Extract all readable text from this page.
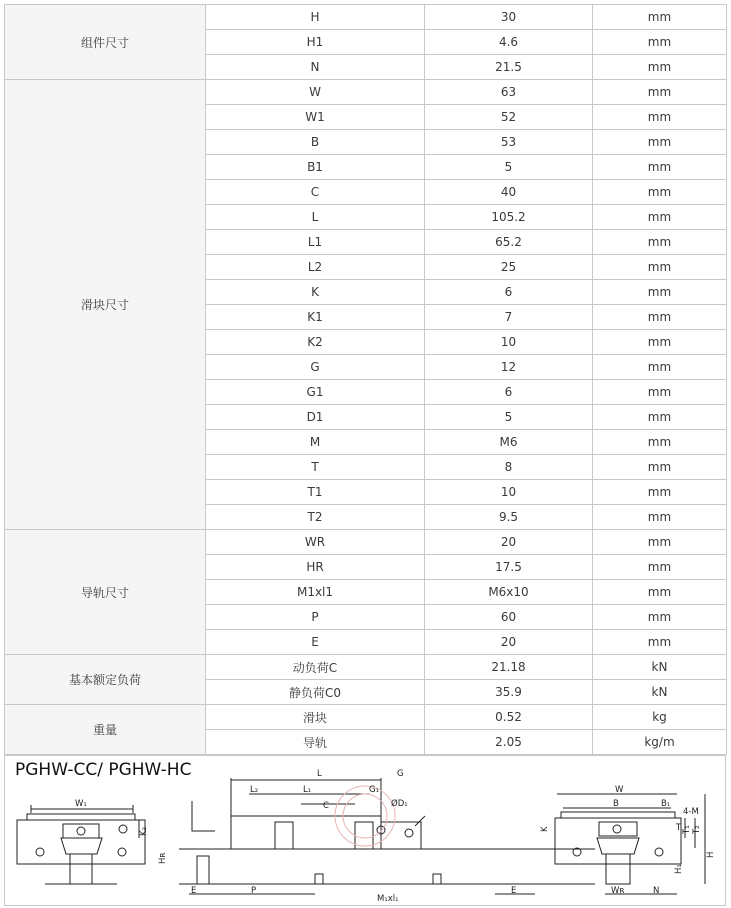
组件尺寸	H	30	mm
	H1	4.6	mm
	N	21.5	mm
滑块尺寸	W	63	mm
	W1	52	mm
	B	53	mm
	B1	5	mm
	C	40	mm
	L	105.2	mm
	L1	65.2	mm
	L2	25	mm
	K	6	mm
	K1	7	mm
	K2	10	mm
	G	12	mm
	G1	6	mm
	D1	5	mm
	M	M6	mm
	T	8	mm
	T1	10	mm
	T2	9.5	mm
导轨尺寸	WR	20	mm
	HR	17.5	mm
	M1xl1	M6x10	mm
	P	60	mm
	E	20	mm
基本额定负荷	动负荷C	21.18	kN
	静负荷C0	35.9	kN
重量	滑块	0.52	kg
	导轨	2.05	kg/m
PGHW-CC/ PGHW-HC
W₁
K₂
Hʀ
E	P
L
L₁
L₂
C
G
G₁
ØD₁
M₁xl₁
E
W
B	B₁
4-M
K	T T₁ T₂
H
H₁
Wʀ	N
